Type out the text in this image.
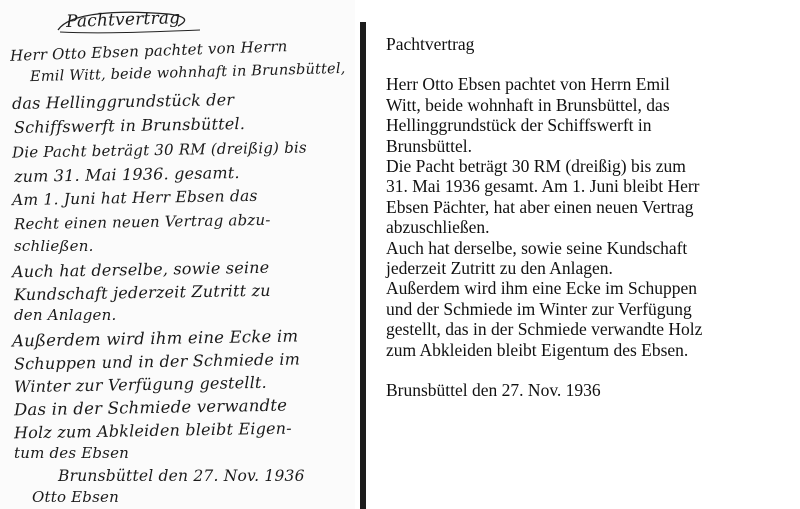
Pachtvertrag
Herr Otto Ebsen pachtet von Herrn
Emil Witt, beide wohnhaft in Brunsbüttel,
das Hellinggrundstück der
Schiffswerft in Brunsbüttel.
Die Pacht beträgt 30 RM (dreißig) bis
zum 31. Mai 1936. gesamt.
Am 1. Juni hat Herr Ebsen das
Recht einen neuen Vertrag abzu-
schließen.
Auch hat derselbe, sowie seine
Kundschaft jederzeit Zutritt zu
den Anlagen.
Außerdem wird ihm eine Ecke im
Schuppen und in der Schmiede im
Winter zur Verfügung gestellt.
Das in der Schmiede verwandte
Holz zum Abkleiden bleibt Eigen-
tum des Ebsen
Brunsbüttel den 27. Nov. 1936
Otto Ebsen
Pachtvertrag
Herr Otto Ebsen pachtet von Herrn Emil
Witt, beide wohnhaft in Brunsbüttel, das
Hellinggrundstück der Schiffswerft in
Brunsbüttel.
Die Pacht beträgt 30 RM (dreißig) bis zum
31. Mai 1936 gesamt. Am 1. Juni bleibt Herr
Ebsen Pächter, hat aber einen neuen Vertrag
abzuschließen.
Auch hat derselbe, sowie seine Kundschaft
jederzeit Zutritt zu den Anlagen.
Außerdem wird ihm eine Ecke im Schuppen
und der Schmiede im Winter zur Verfügung
gestellt, das in der Schmiede verwandte Holz
zum Abkleiden bleibt Eigentum des Ebsen.
Brunsbüttel den 27. Nov. 1936
